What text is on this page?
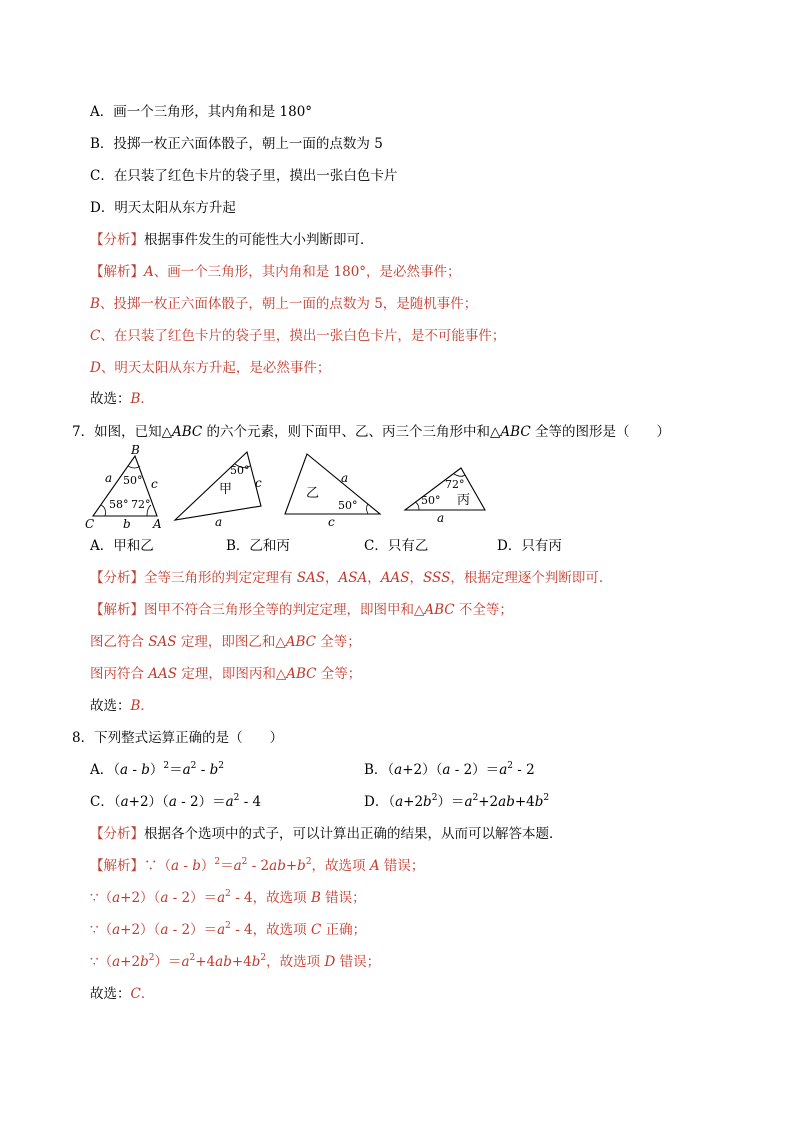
A．画一个三角形，其内角和是 180°
B．投掷一枚正六面体骰子，朝上一面的点数为 5
C．在只装了红色卡片的袋子里，摸出一张白色卡片
D．明天太阳从东方升起
【分析】根据事件发生的可能性大小判断即可．
【解析】A、画一个三角形，其内角和是 180°，是必然事件；
B、投掷一枚正六面体骰子，朝上一面的点数为 5，是随机事件；
C、在只装了红色卡片的袋子里，摸出一张白色卡片，是不可能事件；
D、明天太阳从东方升起，是必然事件；
故选：B．
7．如图，已知△ABC 的六个元素，则下面甲、乙、丙三个三角形中和△ABC 全等的图形是（　　）
B
C	A
a	c
b
50°
58° 72°
50°
甲 c
a
乙
50°
a
c
50°
72°
丙
a
A．甲和乙	B．乙和丙	C．只有乙	D．只有丙
【分析】全等三角形的判定定理有 SAS，ASA，AAS，SSS，根据定理逐个判断即可．
【解析】图甲不符合三角形全等的判定定理，即图甲和△ABC 不全等；
图乙符合 SAS 定理，即图乙和△ABC 全等；
图丙符合 AAS 定理，即图丙和△ABC 全等；
故选：B．
8．下列整式运算正确的是（　　）
A．$(a - b)^2=a^2 - b^2$	B．$(a+2)(a - 2)=a^2 - 2$
C．$(a+2)(a - 2)=a^2 - 4$	D．$(a+2b^2)=a^2+2ab+4b^2$
【分析】根据各个选项中的式子，可以计算出正确的结果，从而可以解答本题．
【解析】∵（a - $b)^2=a^2 - 2ab+b^2$，故选项 A 错误；
∵（a+2）（a - $2)=a^2 - 4$，故选项 B 错误；
∵（a+2）（a - $2)=a^2 - 4$，故选项 C 正确；
$\because(a+2b^2)=a^2+4ab+4b^2$，故选项 D 错误；
故选：C．
